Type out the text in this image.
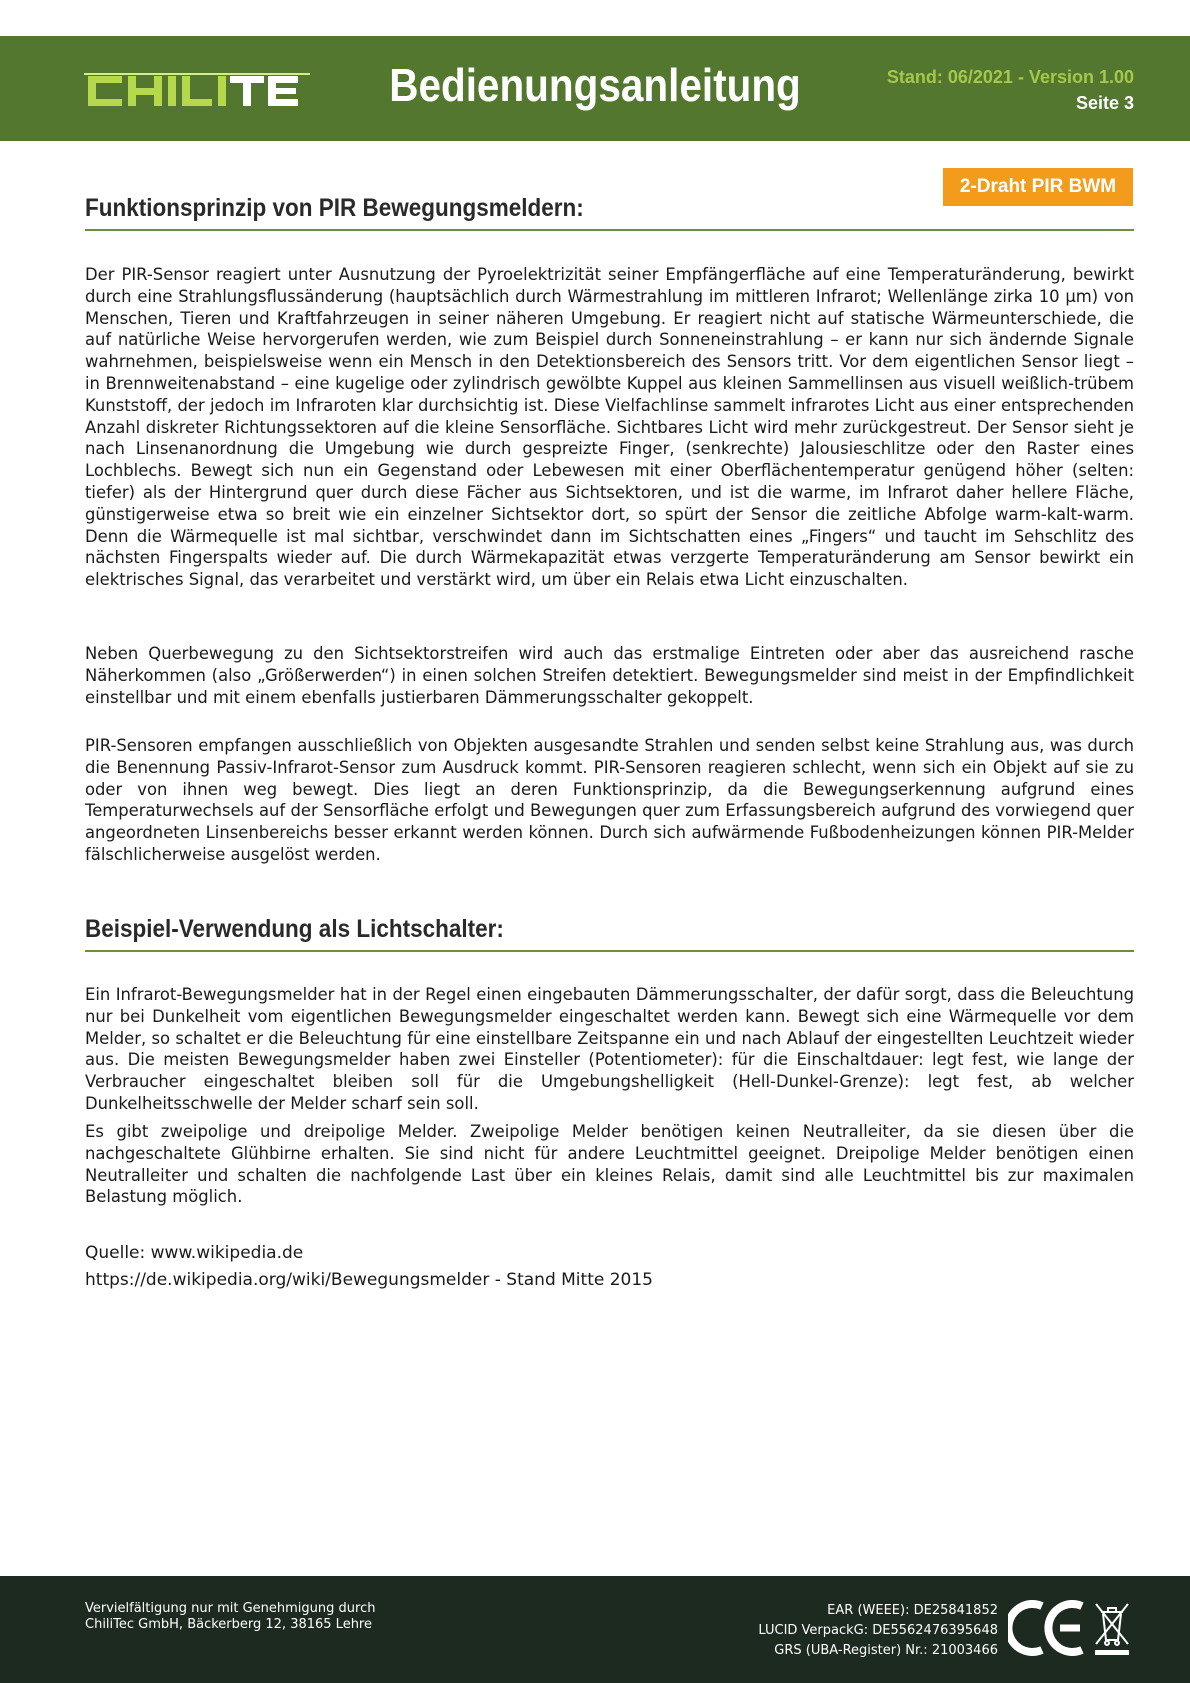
Bedienungsanleitung	Stand: 06/2021 - Version 1.00
Seite 3
2-Draht PIR BWM
Funktionsprinzip von PIR Bewegungsmeldern:

Der PIR-Sensor reagiert unter Ausnutzung der Pyroelektrizität seiner Empfängerfläche auf eine Temperaturänderung, bewirkt durch eine Strahlungsflussänderung (hauptsächlich durch Wärmestrahlung im mittleren Infrarot; Wellenlänge zirka 10 μm) von Menschen, Tieren und Kraftfahrzeugen in seiner näheren Umgebung. Er reagiert nicht auf statische Wärmeunterschiede, die auf natürliche Weise hervorgerufen werden, wie zum Beispiel durch Sonneneinstrahlung – er kann nur sich ändernde Signale wahrnehmen, beispielsweise wenn ein Mensch in den Detektionsbereich des Sensors tritt. Vor dem eigentlichen Sensor liegt – in Brennweitenabstand – eine kugelige oder zylindrisch gewölbte Kuppel aus kleinen Sammellinsen aus visuell weißlich-trübem Kunststoff, der jedoch im Infraroten klar durchsichtig ist. Diese Vielfachlinse sammelt infrarotes Licht aus einer entsprechenden Anzahl diskreter Richtungssektoren auf die kleine Sensorfläche. Sichtbares Licht wird mehr zurückgestreut. Der Sensor sieht je nach Linsenanordnung die Umgebung wie durch gespreizte Finger, (senkrechte) Jalousieschlitze oder den Raster eines Lochblechs. Bewegt sich nun ein Gegenstand oder Lebewesen mit einer Oberflächentemperatur genügend höher (selten: tiefer) als der Hintergrund quer durch diese Fächer aus Sichtsektoren, und ist die warme, im Infrarot daher hellere Fläche, günstigerweise etwa so breit wie ein einzelner Sichtsektor dort, so spürt der Sensor die zeitliche Abfolge warm-kalt-warm. Denn die Wärmequelle ist mal sichtbar, verschwindet dann im Sichtschatten eines „Fingers“ und taucht im Sehschlitz des nächsten Fingerspalts wieder auf. Die durch Wärmekapazität etwas verzgerte Temperaturänderung am Sensor bewirkt ein elektrisches Signal, das verarbeitet und verstärkt wird, um über ein Relais etwa Licht einzuschalten.

Neben Querbewegung zu den Sichtsektorstreifen wird auch das erstmalige Eintreten oder aber das ausreichend rasche Näherkommen (also „Größerwerden“) in einen solchen Streifen detektiert. Bewegungsmelder sind meist in der Empfindlichkeit einstellbar und mit einem ebenfalls justierbaren Dämmerungsschalter gekoppelt.

PIR-Sensoren empfangen ausschließlich von Objekten ausgesandte Strahlen und senden selbst keine Strahlung aus, was durch die Benennung Passiv-Infrarot-Sensor zum Ausdruck kommt. PIR-Sensoren reagieren schlecht, wenn sich ein Objekt auf sie zu oder von ihnen weg bewegt. Dies liegt an deren Funktionsprinzip, da die Bewegungserkennung aufgrund eines Temperaturwechsels auf der Sensorfläche erfolgt und Bewegungen quer zum Erfassungsbereich aufgrund des vorwiegend quer angeordneten Linsenbereichs besser erkannt werden können. Durch sich aufwärmende Fußbodenheizungen können PIR-Melder fälschlicherweise ausgelöst werden.

Beispiel-Verwendung als Lichtschalter:

Ein Infrarot-Bewegungsmelder hat in der Regel einen eingebauten Dämmerungsschalter, der dafür sorgt, dass die Beleuchtung nur bei Dunkelheit vom eigentlichen Bewegungsmelder eingeschaltet werden kann. Bewegt sich eine Wärmequelle vor dem Melder, so schaltet er die Beleuchtung für eine einstellbare Zeitspanne ein und nach Ablauf der eingestellten Leuchtzeit wieder aus. Die meisten Bewegungsmelder haben zwei Einsteller (Potentiometer): für die Einschaltdauer: legt fest, wie lange der Verbraucher eingeschaltet bleiben soll für die Umgebungshelligkeit (Hell-Dunkel-Grenze): legt fest, ab welcher Dunkelheitsschwelle der Melder scharf sein soll.

Es gibt zweipolige und dreipolige Melder. Zweipolige Melder benötigen keinen Neutralleiter, da sie diesen über die nachgeschaltete Glühbirne erhalten. Sie sind nicht für andere Leuchtmittel geeignet. Dreipolige Melder benötigen einen Neutralleiter und schalten die nachfolgende Last über ein kleines Relais, damit sind alle Leuchtmittel bis zur maximalen Belastung möglich.

Quelle: www.wikipedia.de
https://de.wikipedia.org/wiki/Bewegungsmelder - Stand Mitte 2015
Vervielfältigung nur mit Genehmigung durch
ChiliTec GmbH, Bäckerberg 12, 38165 Lehre
EAR (WEEE): DE25841852
LUCID VerpackG: DE5562476395648
GRS (UBA-Register) Nr.: 21003466
